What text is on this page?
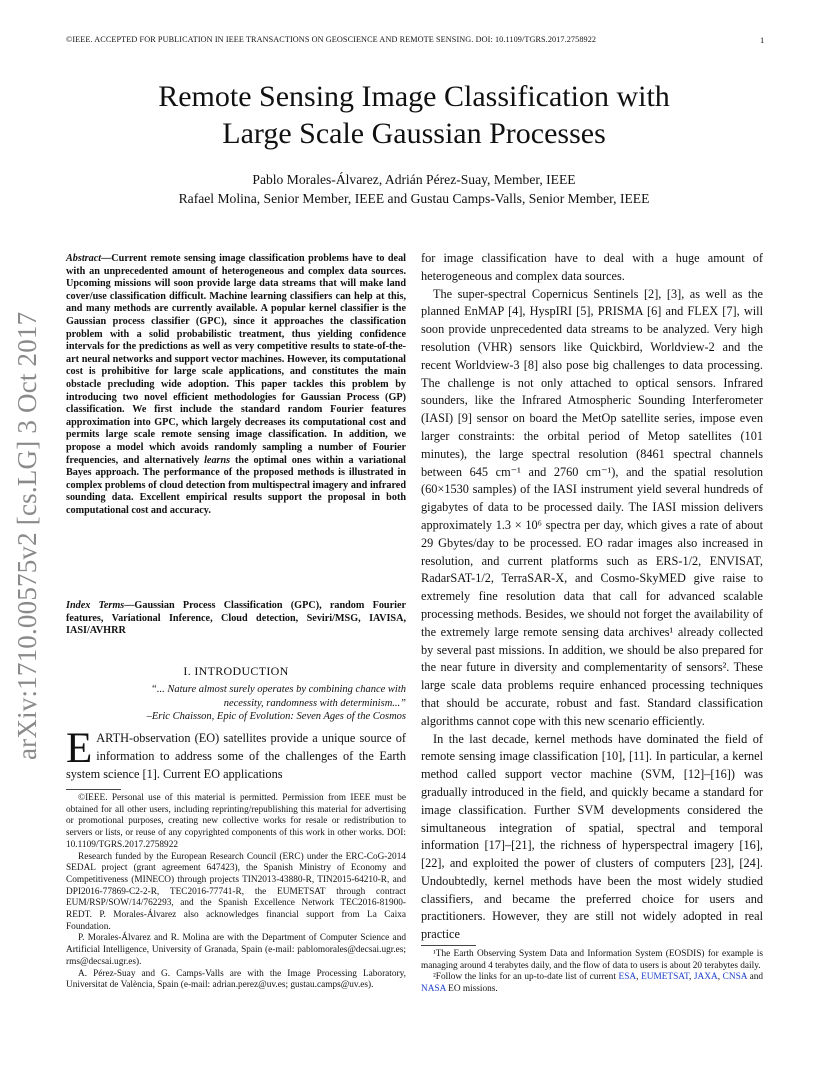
©IEEE. ACCEPTED FOR PUBLICATION IN IEEE TRANSACTIONS ON GEOSCIENCE AND REMOTE SENSING. DOI: 10.1109/TGRS.2017.2758922	1
arXiv:1710.00575v2 [cs.LG] 3 Oct 2017
Remote Sensing Image Classification with
Large Scale Gaussian Processes
Pablo Morales-Álvarez, Adrián Pérez-Suay, Member, IEEE
Rafael Molina, Senior Member, IEEE and Gustau Camps-Valls, Senior Member, IEEE
Abstract—Current remote sensing image classification problems have to deal with an unprecedented amount of heterogeneous and complex data sources. Upcoming missions will soon provide large data streams that will make land cover/use classification difficult. Machine learning classifiers can help at this, and many methods are currently available. A popular kernel classifier is the Gaussian process classifier (GPC), since it approaches the classification problem with a solid probabilistic treatment, thus yielding confidence intervals for the predictions as well as very competitive results to state-of-the-art neural networks and support vector machines. However, its computational cost is prohibitive for large scale applications, and constitutes the main obstacle precluding wide adoption. This paper tackles this problem by introducing two novel efficient methodologies for Gaussian Process (GP) classification. We first include the standard random Fourier features approximation into GPC, which largely decreases its computational cost and permits large scale remote sensing image classification. In addition, we propose a model which avoids randomly sampling a number of Fourier frequencies, and alternatively learns the optimal ones within a variational Bayes approach. The performance of the proposed methods is illustrated in complex problems of cloud detection from multispectral imagery and infrared sounding data. Excellent empirical results support the proposal in both computational cost and accuracy.
Index Terms—Gaussian Process Classification (GPC), random Fourier features, Variational Inference, Cloud detection, Seviri/MSG, IAVISA, IASI/AVHRR
I. INTRODUCTION
“... Nature almost surely operates by combining chance with
necessity, randomness with determinism...”
–Eric Chaisson, Epic of Evolution: Seven Ages of the Cosmos
EARTH-observation (EO) satellites provide a unique source of information to address some of the challenges of the Earth system science [1]. Current EO applications

©IEEE. Personal use of this material is permitted. Permission from IEEE must be obtained for all other users, including reprinting/republishing this material for advertising or promotional purposes, creating new collective works for resale or redistribution to servers or lists, or reuse of any copyrighted components of this work in other works. DOI: 10.1109/TGRS.2017.2758922

Research funded by the European Research Council (ERC) under the ERC-CoG-2014 SEDAL project (grant agreement 647423), the Spanish Ministry of Economy and Competitiveness (MINECO) through projects TIN2013-43880-R, TIN2015-64210-R, and DPI2016-77869-C2-2-R, TEC2016-77741-R, the EUMETSAT through contract EUM/RSP/SOW/14/762293, and the Spanish Excellence Network TEC2016-81900-REDT. P. Morales-Álvarez also acknowledges financial support from La Caixa Foundation.

P. Morales-Álvarez and R. Molina are with the Department of Computer Science and Artificial Intelligence, University of Granada, Spain (e-mail: pablomorales@decsai.ugr.es; rms@decsai.ugr.es).

A. Pérez-Suay and G. Camps-Valls are with the Image Processing Laboratory, Universitat de València, Spain (e-mail: adrian.perez@uv.es; gustau.camps@uv.es).

for image classification have to deal with a huge amount of heterogeneous and complex data sources.

The super-spectral Copernicus Sentinels [2], [3], as well as the planned EnMAP [4], HyspIRI [5], PRISMA [6] and FLEX [7], will soon provide unprecedented data streams to be analyzed. Very high resolution (VHR) sensors like Quickbird, Worldview-2 and the recent Worldview-3 [8] also pose big challenges to data processing. The challenge is not only attached to optical sensors. Infrared sounders, like the Infrared Atmospheric Sounding Interferometer (IASI) [9] sensor on board the MetOp satellite series, impose even larger constraints: the orbital period of Metop satellites (101 minutes), the large spectral resolution (8461 spectral channels between 645 cm⁻¹ and 2760 cm⁻¹), and the spatial resolution (60×1530 samples) of the IASI instrument yield several hundreds of gigabytes of data to be processed daily. The IASI mission delivers approximately 1.3 × 10⁶ spectra per day, which gives a rate of about 29 Gbytes/day to be processed. EO radar images also increased in resolution, and current platforms such as ERS-1/2, ENVISAT, RadarSAT-1/2, TerraSAR-X, and Cosmo-SkyMED give raise to extremely fine resolution data that call for advanced scalable processing methods. Besides, we should not forget the availability of the extremely large remote sensing data archives¹ already collected by several past missions. In addition, we should be also prepared for the near future in diversity and complementarity of sensors². These large scale data problems require enhanced processing techniques that should be accurate, robust and fast. Standard classification algorithms cannot cope with this new scenario efficiently.

In the last decade, kernel methods have dominated the field of remote sensing image classification [10], [11]. In particular, a kernel method called support vector machine (SVM, [12]–[16]) was gradually introduced in the field, and quickly became a standard for image classification. Further SVM developments considered the simultaneous integration of spatial, spectral and temporal information [17]–[21], the richness of hyperspectral imagery [16], [22], and exploited the power of clusters of computers [23], [24]. Undoubtedly, kernel methods have been the most widely studied classifiers, and became the preferred choice for users and practitioners. However, they are still not widely adopted in real practice

¹The Earth Observing System Data and Information System (EOSDIS) for example is managing around 4 terabytes daily, and the flow of data to users is about 20 terabytes daily.

²Follow the links for an up-to-date list of current ESA, EUMETSAT, JAXA, CNSA and NASA EO missions.
